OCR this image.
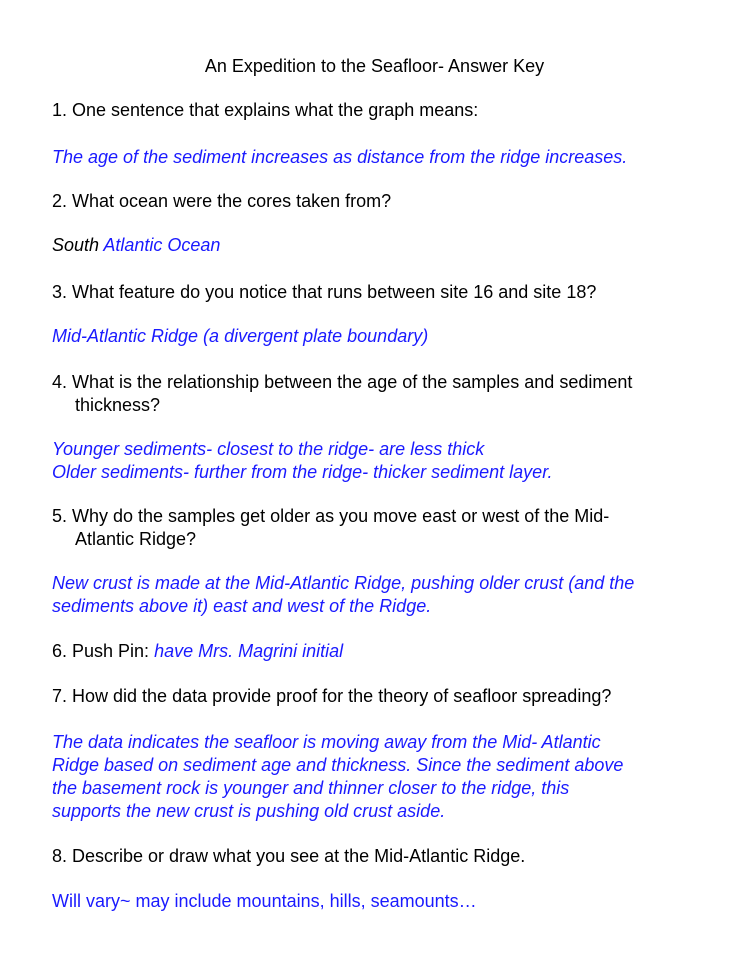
An Expedition to the Seafloor- Answer Key
1. One sentence that explains what the graph means:
The age of the sediment increases as distance from the ridge increases.
2. What ocean were the cores taken from?
South Atlantic Ocean
3. What feature do you notice that runs between site 16 and site 18?
Mid-Atlantic Ridge (a divergent plate boundary)
4. What is the relationship between the age of the samples and sediment
thickness?
Younger sediments- closest to the ridge- are less thick
Older sediments- further from the ridge- thicker sediment layer.
5. Why do the samples get older as you move east or west of the Mid-
Atlantic Ridge?
New crust is made at the Mid-Atlantic Ridge, pushing older crust (and the
sediments above it) east and west of the Ridge.
6. Push Pin: have Mrs. Magrini initial
7. How did the data provide proof for the theory of seafloor spreading?
The data indicates the seafloor is moving away from the Mid- Atlantic
Ridge based on sediment age and thickness. Since the sediment above
the basement rock is younger and thinner closer to the ridge, this
supports the new crust is pushing old crust aside.
8. Describe or draw what you see at the Mid-Atlantic Ridge.
Will vary~ may include mountains, hills, seamounts…
